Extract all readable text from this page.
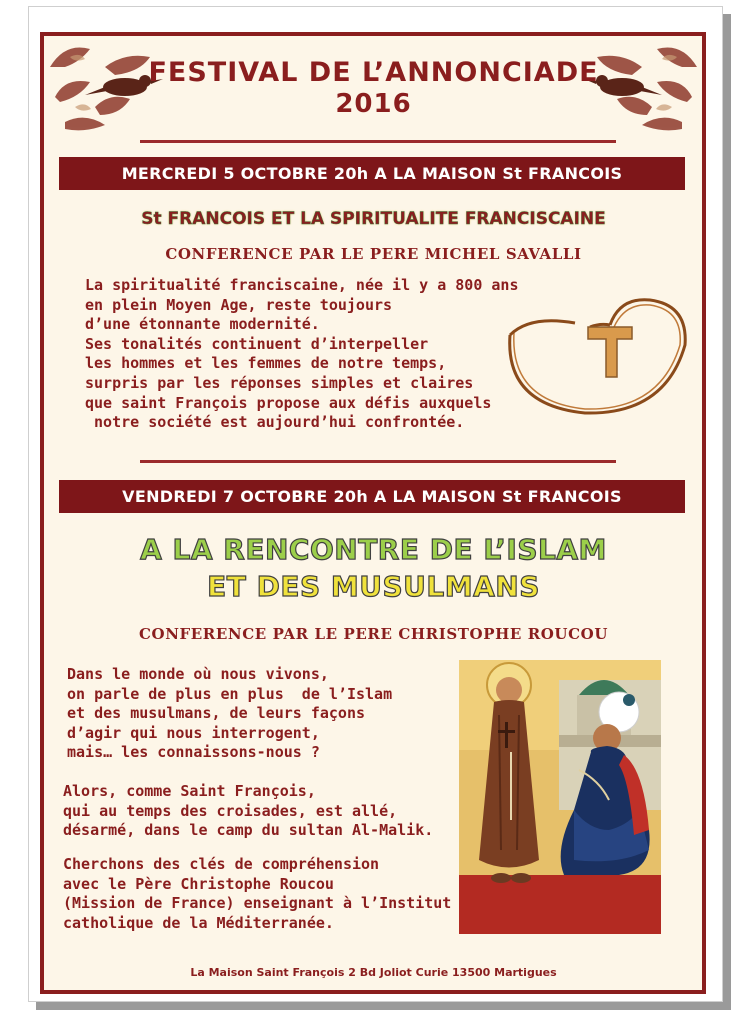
FESTIVAL DE L’ANNONCIADE
2016
MERCREDI 5 OCTOBRE 20h A LA MAISON St FRANCOIS
St FRANCOIS ET LA SPIRITUALITE FRANCISCAINE
CONFERENCE PAR LE PERE MICHEL SAVALLI
La spiritualité franciscaine, née il y a 800 ans
en plein Moyen Age, reste toujours
d’une étonnante modernité.
Ses tonalités continuent d’interpeller
les hommes et les femmes de notre temps,
surpris par les réponses simples et claires
que saint François propose aux défis auxquels
notre société est aujourd’hui confrontée.
VENDREDI 7 OCTOBRE 20h A LA MAISON St FRANCOIS
A LA RENCONTRE DE L’ISLAM
ET DES MUSULMANS
CONFERENCE PAR LE PERE CHRISTOPHE ROUCOU
Dans le monde où nous vivons,
on parle de plus en plus  de l’Islam
et des musulmans, de leurs façons
d’agir qui nous interrogent,
mais… les connaissons-nous ?
Alors, comme Saint François,
qui au temps des croisades, est allé,
désarmé, dans le camp du sultan Al-Malik.
Cherchons des clés de compréhension
avec le Père Christophe Roucou
(Mission de France) enseignant à l’Institut
catholique de la Méditerranée.
La Maison Saint François 2 Bd Joliot Curie 13500 Martigues
